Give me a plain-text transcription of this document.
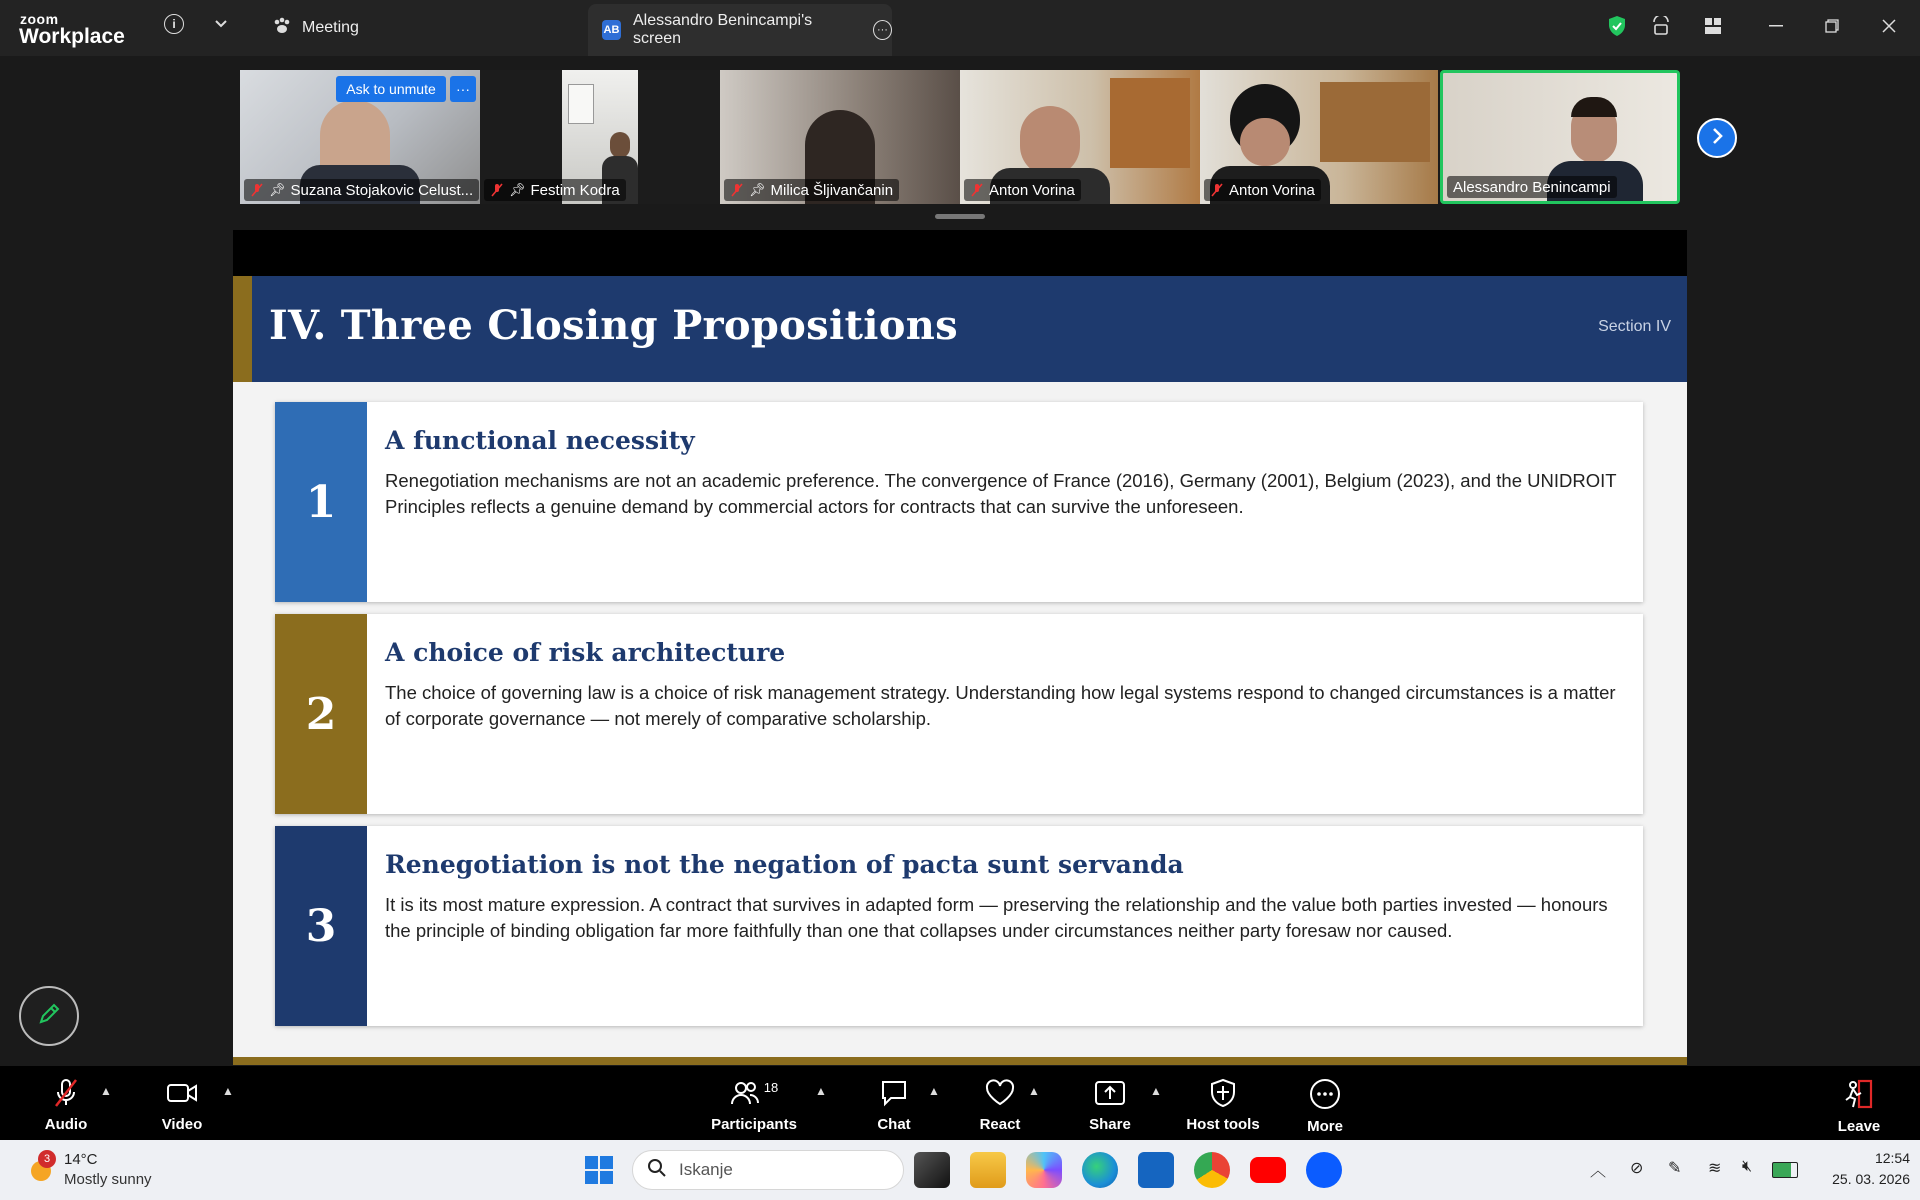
zoom
Workplace
i	Meeting	AB
Alessandro Benincampi's screen	···
Ask to unmute	···
📌︎ Suzana Stojakovic Celust...	📌︎ Festim Kodra	📌︎ Milica Šljivančanin	Anton Vorina	Anton Vorina	Alessandro Benincampi
IV. Three Closing Propositions	Section IV
1
A functional necessity
Renegotiation mechanisms are not an academic preference. The convergence of France (2016), Germany (2001), Belgium (2023), and the UNIDROIT Principles reflects a genuine demand by commercial actors for contracts that can survive the unforeseen.
2
A choice of risk architecture
The choice of governing law is a choice of risk management strategy. Understanding how legal systems respond to changed circumstances is a matter of corporate governance — not merely of comparative scholarship.
3
Renegotiation is not the negation of pacta sunt servanda
It is its most mature expression. A contract that survives in adapted form — preserving the relationship and the value both parties invested — honours the principle of binding obligation far more faithfully than one that collapses under circumstances neither party foresaw nor caused.
Audio
▲
Video
▲	18
Participants
▲
Chat
▲
React
▲
Share
▲
Host tools	More	Leave
3 14°C
Mostly sunny
Iskanje	︿ ⊘ ✎ ≋ 🔇︎	12:54
25. 03. 2026
